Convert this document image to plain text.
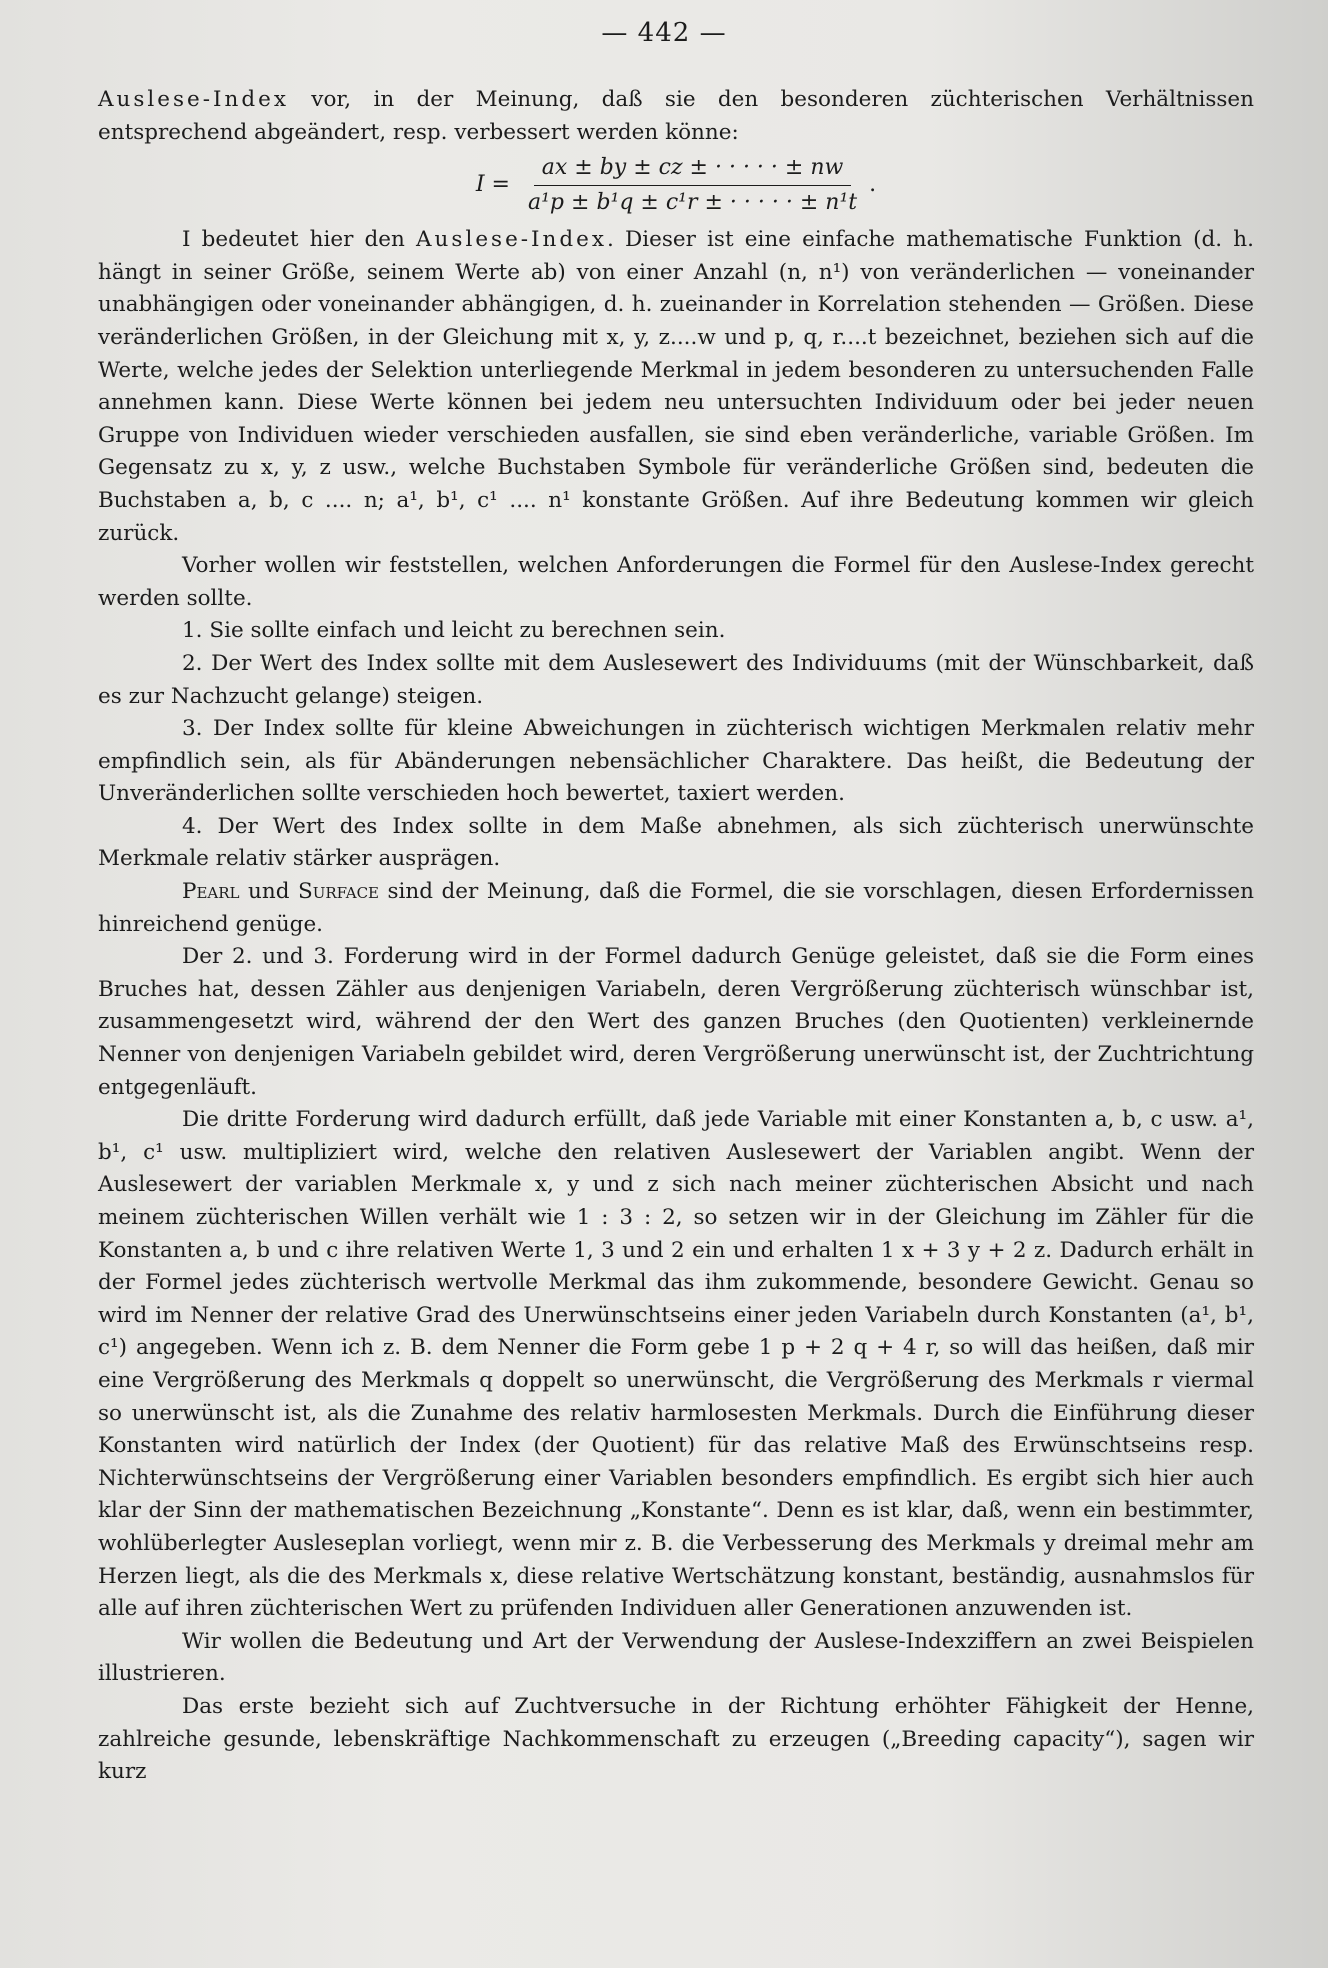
— 442 —

Auslese-Index vor, in der Meinung, daß sie den besonderen züchterischen Verhältnissen entsprechend abgeändert, resp. verbessert werden könne:

$I = \frac{ax \pm by \pm cz \pm \cdot \cdot \cdot \cdot \cdot \pm nw}{\text{a¹p ± b¹q ± c¹r ± · · · · · ± n¹t}}$ .

I bedeutet hier den Auslese-Index. Dieser ist eine einfache mathematische Funktion (d. h. hängt in seiner Größe, seinem Werte ab) von einer Anzahl (n, n¹) von veränderlichen — voneinander unabhängigen oder voneinander abhängigen, d. h. zueinander in Korrelation stehenden — Größen. Diese veränderlichen Größen, in der Gleichung mit x, y, z....w und p, q, r....t bezeichnet, beziehen sich auf die Werte, welche jedes der Selektion unterliegende Merkmal in jedem besonderen zu untersuchenden Falle annehmen kann. Diese Werte können bei jedem neu untersuchten Individuum oder bei jeder neuen Gruppe von Individuen wieder verschieden ausfallen, sie sind eben veränderliche, variable Größen. Im Gegensatz zu x, y, z usw., welche Buchstaben Symbole für veränderliche Größen sind, bedeuten die Buchstaben a, b, c .... n; a¹, b¹, c¹ .... n¹ konstante Größen. Auf ihre Bedeutung kommen wir gleich zurück.

Vorher wollen wir feststellen, welchen Anforderungen die Formel für den Auslese-Index gerecht werden sollte.

1. Sie sollte einfach und leicht zu berechnen sein.

2. Der Wert des Index sollte mit dem Auslesewert des Individuums (mit der Wünschbarkeit, daß es zur Nachzucht gelange) steigen.

3. Der Index sollte für kleine Abweichungen in züchterisch wichtigen Merkmalen relativ mehr empfindlich sein, als für Abänderungen nebensächlicher Charaktere. Das heißt, die Bedeutung der Unveränderlichen sollte verschieden hoch bewertet, taxiert werden.

4. Der Wert des Index sollte in dem Maße abnehmen, als sich züchterisch unerwünschte Merkmale relativ stärker ausprägen.

Pearl und Surface sind der Meinung, daß die Formel, die sie vorschlagen, diesen Erfordernissen hinreichend genüge.

Der 2. und 3. Forderung wird in der Formel dadurch Genüge geleistet, daß sie die Form eines Bruches hat, dessen Zähler aus denjenigen Variabeln, deren Vergrößerung züchterisch wünschbar ist, zusammengesetzt wird, während der den Wert des ganzen Bruches (den Quotienten) verkleinernde Nenner von denjenigen Variabeln gebildet wird, deren Vergrößerung unerwünscht ist, der Zuchtrichtung entgegenläuft.

Die dritte Forderung wird dadurch erfüllt, daß jede Variable mit einer Konstanten a, b, c usw. a¹, b¹, c¹ usw. multipliziert wird, welche den relativen Auslesewert der Variablen angibt. Wenn der Auslesewert der variablen Merkmale x, y und z sich nach meiner züchterischen Absicht und nach meinem züchterischen Willen verhält wie 1 : 3 : 2, so setzen wir in der Gleichung im Zähler für die Konstanten a, b und c ihre relativen Werte 1, 3 und 2 ein und erhalten 1 x + 3 y + 2 z. Dadurch erhält in der Formel jedes züchterisch wertvolle Merkmal das ihm zukommende, besondere Gewicht. Genau so wird im Nenner der relative Grad des Unerwünschtseins einer jeden Variabeln durch Konstanten (a¹, b¹, c¹) angegeben. Wenn ich z. B. dem Nenner die Form gebe 1 p + 2 q + 4 r, so will das heißen, daß mir eine Vergrößerung des Merkmals q doppelt so unerwünscht, die Vergrößerung des Merkmals r viermal so unerwünscht ist, als die Zunahme des relativ harmlosesten Merkmals. Durch die Einführung dieser Konstanten wird natürlich der Index (der Quotient) für das relative Maß des Erwünschtseins resp. Nichterwünschtseins der Vergrößerung einer Variablen besonders empfindlich. Es ergibt sich hier auch klar der Sinn der mathematischen Bezeichnung „Konstante“. Denn es ist klar, daß, wenn ein bestimmter, wohlüberlegter Ausleseplan vorliegt, wenn mir z. B. die Verbesserung des Merkmals y dreimal mehr am Herzen liegt, als die des Merkmals x, diese relative Wertschätzung konstant, beständig, ausnahmslos für alle auf ihren züchterischen Wert zu prüfenden Individuen aller Generationen anzuwenden ist.

Wir wollen die Bedeutung und Art der Verwendung der Auslese-Indexziffern an zwei Beispielen illustrieren.

Das erste bezieht sich auf Zuchtversuche in der Richtung erhöhter Fähigkeit der Henne, zahlreiche gesunde, lebenskräftige Nachkommenschaft zu erzeugen („Breeding capacity“), sagen wir kurz
